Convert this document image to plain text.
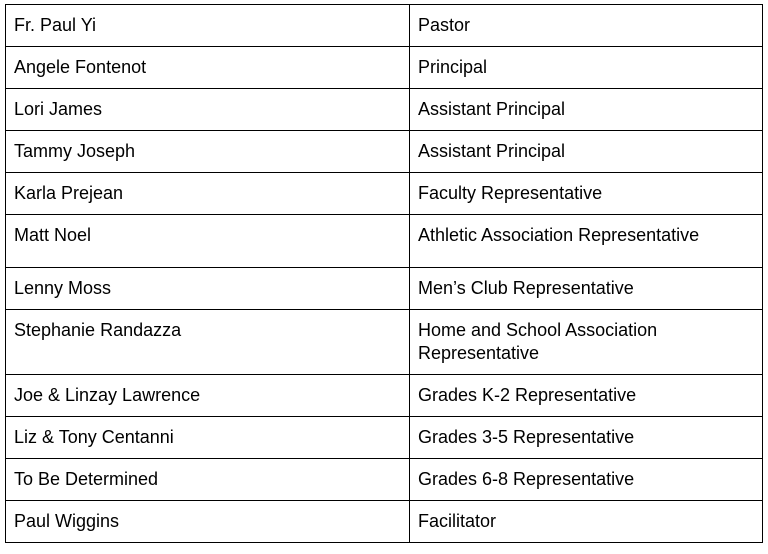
Fr. Paul Yi	Pastor
Angele Fontenot	Principal
Lori James	Assistant Principal
Tammy Joseph	Assistant Principal
Karla Prejean	Faculty Representative
Matt Noel	Athletic Association Representative
Lenny Moss	Men’s Club Representative
Stephanie Randazza	Home and School Association Representative
Joe & Linzay Lawrence	Grades K-2 Representative
Liz & Tony Centanni	Grades 3-5 Representative
To Be Determined	Grades 6-8 Representative
Paul Wiggins	Facilitator
